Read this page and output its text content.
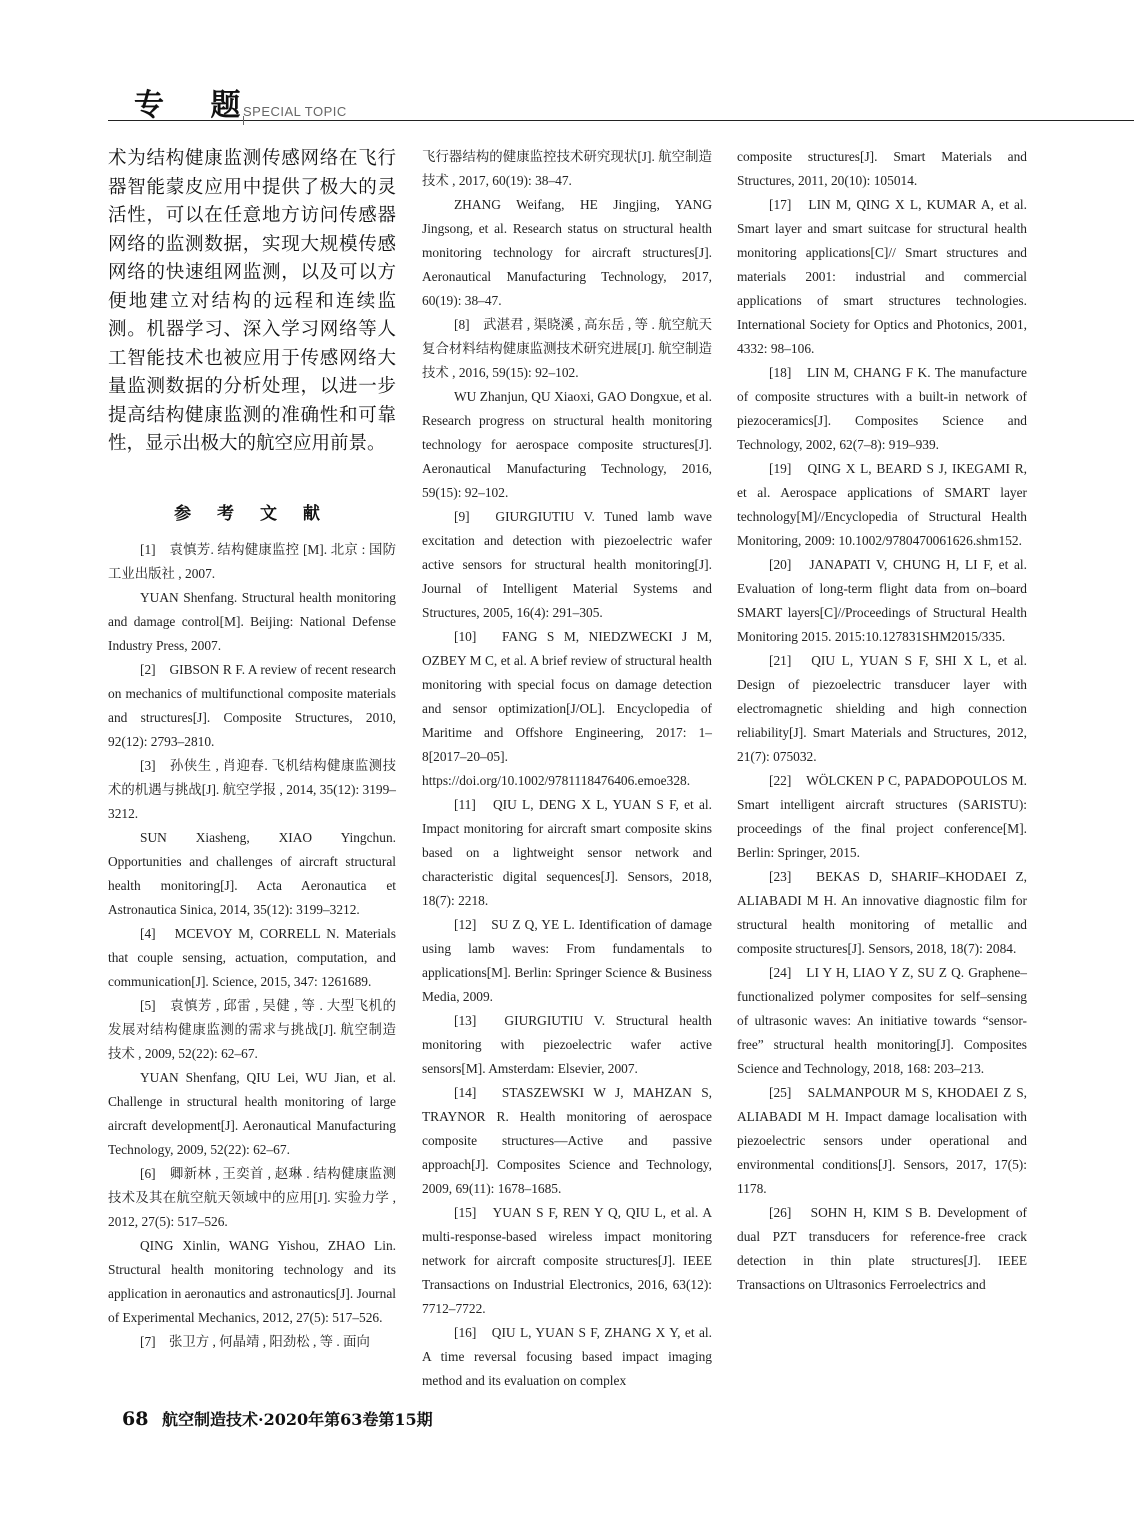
专 题
SPECIAL TOPIC

术为结构健康监测传感网络在飞行器智能蒙皮应用中提供了极大的灵活性，可以在任意地方访问传感器网络的监测数据，实现大规模传感网络的快速组网监测，以及可以方便地建立对结构的远程和连续监测。机器学习、深入学习网络等人工智能技术也被应用于传感网络大量监测数据的分析处理，以进一步提高结构健康监测的准确性和可靠性，显示出极大的航空应用前景。

参 考 文 献

[1]　袁慎芳. 结构健康监控 [M]. 北京 : 国防工业出版社 , 2007.

YUAN Shenfang. Structural health monitoring and damage control[M]. Beijing: National Defense Industry Press, 2007.

[2]　GIBSON R F. A review of recent research on mechanics of multifunctional composite materials and structures[J]. Composite Structures, 2010, 92(12): 2793–2810.

[3]　孙侠生 , 肖迎春. 飞机结构健康监测技术的机遇与挑战[J]. 航空学报 , 2014, 35(12): 3199–3212.

SUN Xiasheng, XIAO Yingchun. Opportunities and challenges of aircraft structural health monitoring[J]. Acta Aeronautica et Astronautica Sinica, 2014, 35(12): 3199–3212.

[4]　MCEVOY M, CORRELL N. Materials that couple sensing, actuation, computation, and communication[J]. Science, 2015, 347: 1261689.

[5]　袁慎芳 , 邱雷 , 吴健 , 等 . 大型飞机的发展对结构健康监测的需求与挑战[J]. 航空制造技术 , 2009, 52(22): 62–67.

YUAN Shenfang, QIU Lei, WU Jian, et al. Challenge in structural health monitoring of large aircraft development[J]. Aeronautical Manufacturing Technology, 2009, 52(22): 62–67.

[6]　卿新林 , 王奕首 , 赵琳 . 结构健康监测技术及其在航空航天领域中的应用[J]. 实验力学 , 2012, 27(5): 517–526.

QING Xinlin, WANG Yishou, ZHAO Lin. Structural health monitoring technology and its application in aeronautics and astronautics[J]. Journal of Experimental Mechanics, 2012, 27(5): 517–526.

[7]　张卫方 , 何晶靖 , 阳劲松 , 等 . 面向

飞行器结构的健康监控技术研究现状[J]. 航空制造技术 , 2017, 60(19): 38–47.

ZHANG Weifang, HE Jingjing, YANG Jingsong, et al. Research status on structural health monitoring technology for aircraft structures[J]. Aeronautical Manufacturing Technology, 2017, 60(19): 38–47.

[8]　武湛君 , 渠晓溪 , 高东岳 , 等 . 航空航天复合材料结构健康监测技术研究进展[J]. 航空制造技术 , 2016, 59(15): 92–102.

WU Zhanjun, QU Xiaoxi, GAO Dongxue, et al. Research progress on structural health monitoring technology for aerospace composite structures[J]. Aeronautical Manufacturing Technology, 2016, 59(15): 92–102.

[9]　GIURGIUTIU V. Tuned lamb wave excitation and detection with piezoelectric wafer active sensors for structural health monitoring[J]. Journal of Intelligent Material Systems and Structures, 2005, 16(4): 291–305.

[10]　FANG S M, NIEDZWECKI J M, OZBEY M C, et al. A brief review of structural health monitoring with special focus on damage detection and sensor optimization[J/OL]. Encyclopedia of Maritime and Offshore Engineering, 2017: 1–8[2017–20–05]. https://doi.org/10.1002/9781118476406.emoe328.

[11]　QIU L, DENG X L, YUAN S F, et al. Impact monitoring for aircraft smart composite skins based on a lightweight sensor network and characteristic digital sequences[J]. Sensors, 2018, 18(7): 2218.

[12]　SU Z Q, YE L. Identification of damage using lamb waves: From fundamentals to applications[M]. Berlin: Springer Science & Business Media, 2009.

[13]　GIURGIUTIU V. Structural health monitoring with piezoelectric wafer active sensors[M]. Amsterdam: Elsevier, 2007.

[14]　STASZEWSKI W J, MAHZAN S, TRAYNOR R. Health monitoring of aerospace composite structures—Active and passive approach[J]. Composites Science and Technology, 2009, 69(11): 1678–1685.

[15]　YUAN S F, REN Y Q, QIU L, et al. A multi-response-based wireless impact monitoring network for aircraft composite structures[J]. IEEE Transactions on Industrial Electronics, 2016, 63(12): 7712–7722.

[16]　QIU L, YUAN S F, ZHANG X Y, et al. A time reversal focusing based impact imaging method and its evaluation on complex

composite structures[J]. Smart Materials and Structures, 2011, 20(10): 105014.

[17]　LIN M, QING X L, KUMAR A, et al. Smart layer and smart suitcase for structural health monitoring applications[C]// Smart structures and materials 2001: industrial and commercial applications of smart structures technologies. International Society for Optics and Photonics, 2001, 4332: 98–106.

[18]　LIN M, CHANG F K. The manufacture of composite structures with a built-in network of piezoceramics[J]. Composites Science and Technology, 2002, 62(7–8): 919–939.

[19]　QING X L, BEARD S J, IKEGAMI R, et al. Aerospace applications of SMART layer technology[M]//Encyclopedia of Structural Health Monitoring, 2009: 10.1002/9780470061626.shm152.

[20]　JANAPATI V, CHUNG H, LI F, et al. Evaluation of long-term flight data from on–board SMART layers[C]//Proceedings of Structural Health Monitoring 2015. 2015:10.127831SHM2015/335.

[21]　QIU L, YUAN S F, SHI X L, et al. Design of piezoelectric transducer layer with electromagnetic shielding and high connection reliability[J]. Smart Materials and Structures, 2012, 21(7): 075032.

[22]　WÖLCKEN P C, PAPADOPOULOS M. Smart intelligent aircraft structures (SARISTU): proceedings of the final project conference[M]. Berlin: Springer, 2015.

[23]　BEKAS D, SHARIF–KHODAEI Z, ALIABADI M H. An innovative diagnostic film for structural health monitoring of metallic and composite structures[J]. Sensors, 2018, 18(7): 2084.

[24]　LI Y H, LIAO Y Z, SU Z Q. Graphene–functionalized polymer composites for self–sensing of ultrasonic waves: An initiative towards “sensor-free” structural health monitoring[J]. Composites Science and Technology, 2018, 168: 203–213.

[25]　SALMANPOUR M S, KHODAEI Z S, ALIABADI M H. Impact damage localisation with piezoelectric sensors under operational and environmental conditions[J]. Sensors, 2017, 17(5): 1178.

[26]　SOHN H, KIM S B. Development of dual PZT transducers for reference-free crack detection in thin plate structures[J]. IEEE Transactions on Ultrasonics Ferroelectrics and

68 航空制造技术·2020年第63卷第15期
